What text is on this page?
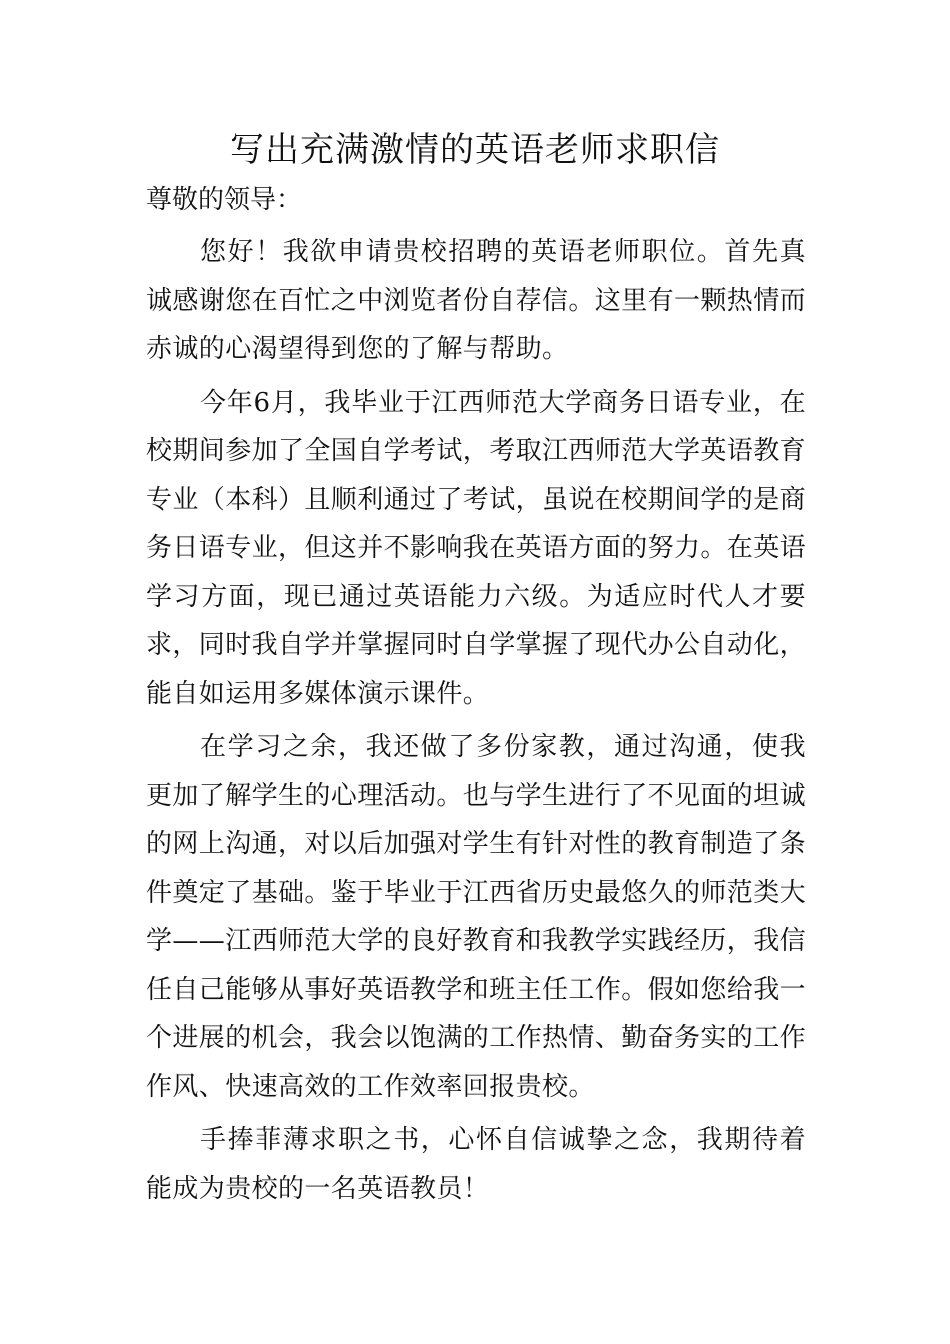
写出充满激情的英语老师求职信

尊敬的领导：

您好！我欲申请贵校招聘的英语老师职位。首先真诚感谢您在百忙之中浏览者份自荐信。这里有一颗热情而赤诚的心渴望得到您的了解与帮助。

今年6月，我毕业于江西师范大学商务日语专业，在校期间参加了全国自学考试，考取江西师范大学英语教育专业（本科）且顺利通过了考试，虽说在校期间学的是商务日语专业，但这并不影响我在英语方面的努力。在英语学习方面，现已通过英语能力六级。为适应时代人才要求，同时我自学并掌握同时自学掌握了现代办公自动化，能自如运用多媒体演示课件。

在学习之余，我还做了多份家教，通过沟通，使我更加了解学生的心理活动。也与学生进行了不见面的坦诚的网上沟通，对以后加强对学生有针对性的教育制造了条件奠定了基础。鉴于毕业于江西省历史最悠久的师范类大学——江西师范大学的良好教育和我教学实践经历，我信任自己能够从事好英语教学和班主任工作。假如您给我一个进展的机会，我会以饱满的工作热情、勤奋务实的工作作风、快速高效的工作效率回报贵校。

手捧菲薄求职之书，心怀自信诚挚之念，我期待着能成为贵校的一名英语教员！
